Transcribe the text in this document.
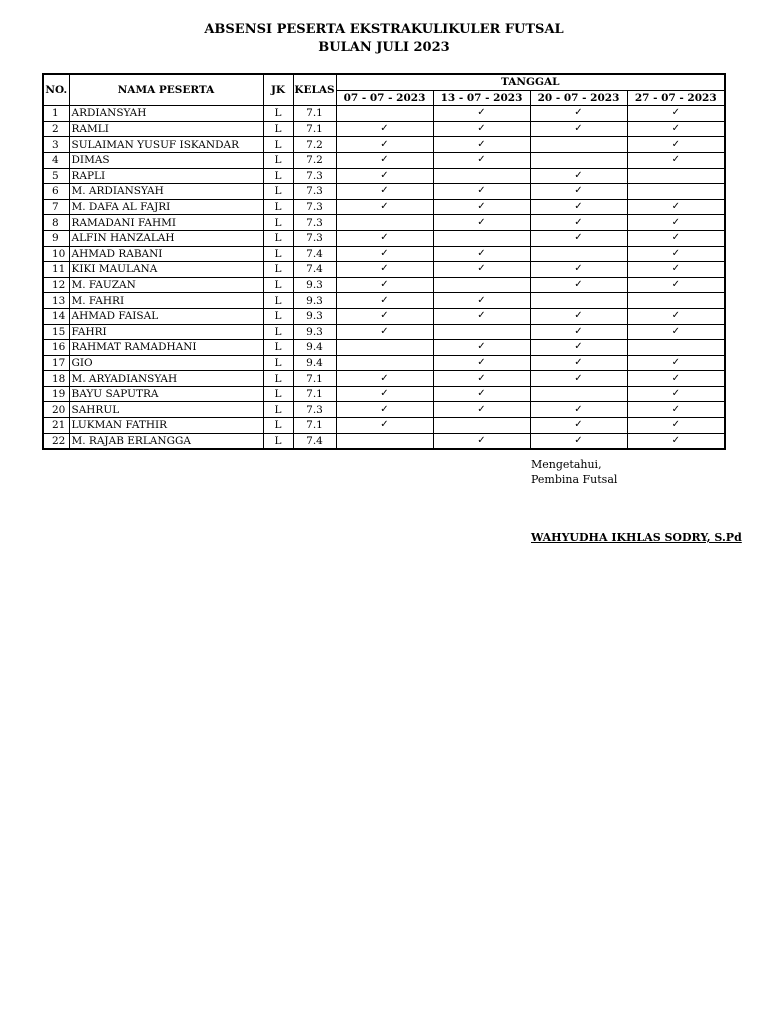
ABSENSI PESERTA EKSTRAKULIKULER FUTSAL
BULAN JULI 2023
NO.	NAMA PESERTA	JK	KELAS	TANGGAL			
				07 - 07 - 2023	13 - 07 - 2023	20 - 07 - 2023	27 - 07 - 2023
1	ARDIANSYAH	L	7.1		✓	✓	✓
2	RAMLI	L	7.1	✓	✓	✓	✓
3	SULAIMAN YUSUF ISKANDAR	L	7.2	✓	✓		✓
4	DIMAS	L	7.2	✓	✓		✓
5	RAPLI	L	7.3	✓		✓	
6	M. ARDIANSYAH	L	7.3	✓	✓	✓	
7	M. DAFA AL FAJRI	L	7.3	✓	✓	✓	✓
8	RAMADANI FAHMI	L	7.3		✓	✓	✓
9	ALFIN HANZALAH	L	7.3	✓		✓	✓
10	AHMAD RABANI	L	7.4	✓	✓		✓
11	KIKI MAULANA	L	7.4	✓	✓	✓	✓
12	M. FAUZAN	L	9.3	✓		✓	✓
13	M. FAHRI	L	9.3	✓	✓		
14	AHMAD FAISAL	L	9.3	✓	✓	✓	✓
15	FAHRI	L	9.3	✓		✓	✓
16	RAHMAT RAMADHANI	L	9.4		✓	✓	
17	GIO	L	9.4		✓	✓	✓
18	M. ARYADIANSYAH	L	7.1	✓	✓	✓	✓
19	BAYU SAPUTRA	L	7.1	✓	✓		✓
20	SAHRUL	L	7.3	✓	✓	✓	✓
21	LUKMAN FATHIR	L	7.1	✓		✓	✓
22	M. RAJAB ERLANGGA	L	7.4		✓	✓	✓
Mengetahui,
Pembina Futsal
WAHYUDHA IKHLAS SODRY, S.Pd
